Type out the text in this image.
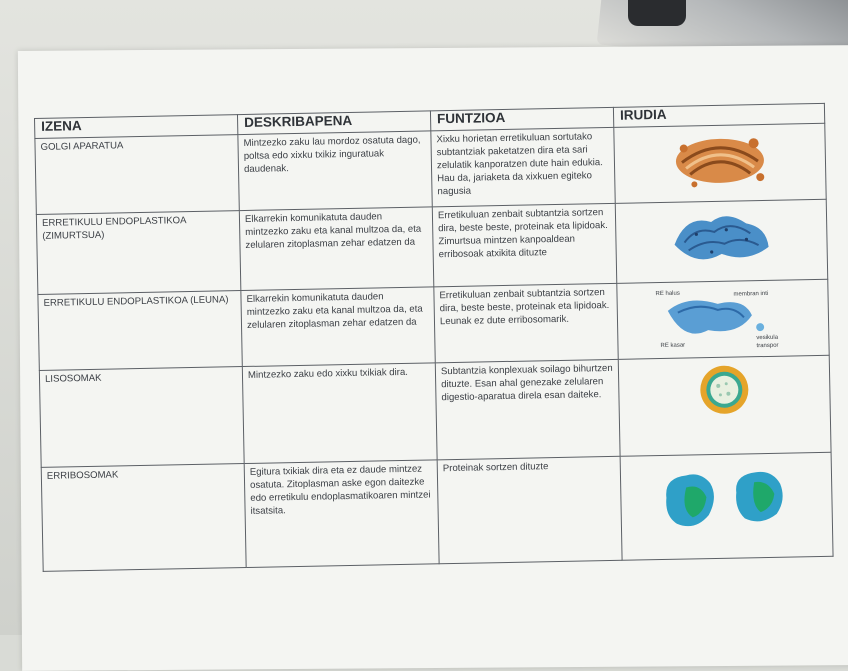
IZENA	DESKRIBAPENA	FUNTZIOA	IRUDIA
GOLGI APARATUA	Mintzezko zaku lau mordoz osatuta dago, poltsa edo xixku txikiz inguratuak daudenak.	Xixku horietan erretikuluan sortutako subtantziak paketatzen dira eta sari zelulatik kanporatzen dute hain edukia. Hau da, jariaketa da xixkuen egiteko nagusia	

ERRETIKULU ENDOPLASTIKOA (ZIMURTSUA)	Elkarrekin komunikatuta dauden mintzezko zaku eta kanal multzoa da, eta zelularen zitoplasman zehar edatzen da	Erretikuluan zenbait subtantzia sortzen dira, beste beste, proteinak eta lipidoak. Zimurtsua mintzen kanpoaldean erribosoak atxikita dituzte	

ERRETIKULU ENDOPLASTIKOA (LEUNA)	Elkarrekin komunikatuta dauden mintzezko zaku eta kanal multzoa da, eta zelularen zitoplasman zehar edatzen da	Erretikuluan zenbait subtantzia sortzen dira, beste beste, proteinak eta lipidoak. Leunak ez dute erribosomarik.	RE halus membran inti
RE kasar
vesikula
transpor

LISOSOMAK	Mintzezko zaku edo xixku txikiak dira.	Subtantzia konplexuak soilago bihurtzen dituzte. Esan ahal genezake zelularen digestio-aparatua direla esan daiteke.	

ERRIBOSOMAK	Egitura txikiak dira eta ez daude mintzez osatuta. Zitoplasman aske egon daitezke edo erretikulu endoplasmatikoaren mintzei itsatsita.	Proteinak sortzen dituzte	
